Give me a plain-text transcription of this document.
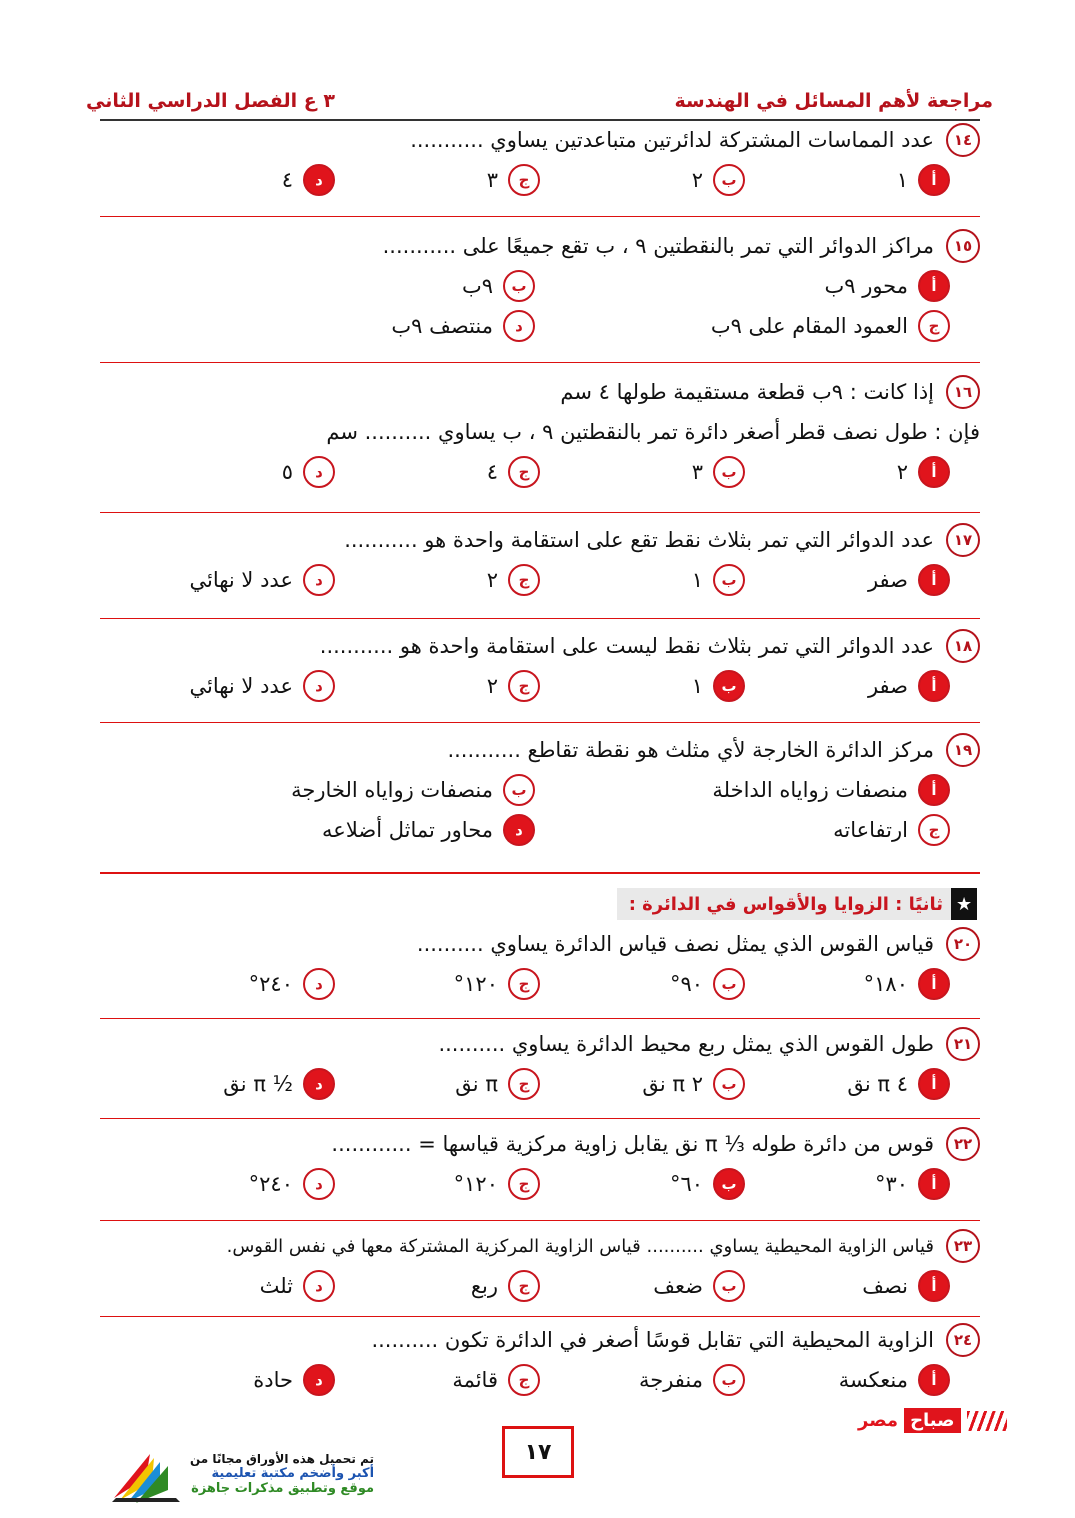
مراجعة لأهم المسائل في الهندسة
٣ ع الفصل الدراسي الثاني
١٤
عدد المماسات المشتركة لدائرتين متباعدتين يساوي ...........
أ
١
ب
٢
ج
٣
د
٤
١٥
مراكز الدوائر التي تمر بالنقطتين ٩ ، ب تقع جميعًا على ...........
أ
محور ٩ب
ب
٩ب
ج
العمود المقام على ٩ب
د
منتصف ٩ب
١٦
إذا كانت : ٩ب قطعة مستقيمة طولها ٤ سم
فإن : طول نصف قطر أصغر دائرة تمر بالنقطتين ٩ ، ب يساوي .......... سم
أ
٢
ب
٣
ج
٤
د
٥
١٧
عدد الدوائر التي تمر بثلاث نقط تقع على استقامة واحدة هو ...........
أ
صفر
ب
١
ج
٢
د
عدد لا نهائي
١٨
عدد الدوائر التي تمر بثلاث نقط ليست على استقامة واحدة هو ...........
أ
صفر
ب
١
ج
٢
د
عدد لا نهائي
١٩
مركز الدائرة الخارجة لأي مثلث هو نقطة تقاطع ...........
أ
منصفات زواياه الداخلة
ب
منصفات زواياه الخارجة
ج
ارتفاعاته
د
محاور تماثل أضلاعه
★
ثانيًا : الزوايا والأقواس في الدائرة :
٢٠
قياس القوس الذي يمثل نصف قياس الدائرة يساوي ..........
أ
١٨٠°
ب
٩٠°
ج
١٢٠°
د
٢٤٠°
٢١
طول القوس الذي يمثل ربع محيط الدائرة يساوي ..........
أ
٤ π نق
ب
٢ π نق
ج
π نق
د
½ π نق
٢٢
قوس من دائرة طوله ⅓ π نق يقابل زاوية مركزية قياسها = ............
أ
٣٠°
ب
٦٠°
ج
١٢٠°
د
٢٤٠°
٢٣
قياس الزاوية المحيطية يساوي .......... قياس الزاوية المركزية المشتركة معها في نفس القوس.
أ
نصف
ب
ضعف
ج
ربع
د
ثلث
٢٤
الزاوية المحيطية التي تقابل قوسًا أصغر في الدائرة تكون ..........
أ
منعكسة
ب
منفرجة
ج
قائمة
د
حادة
مصر صباح
١٧
تم تحميل هذه الأوراق مجانًا من
أكبر وأضخم مكتبة تعليمية
موقع وتطبيق مذكرات جاهزة
